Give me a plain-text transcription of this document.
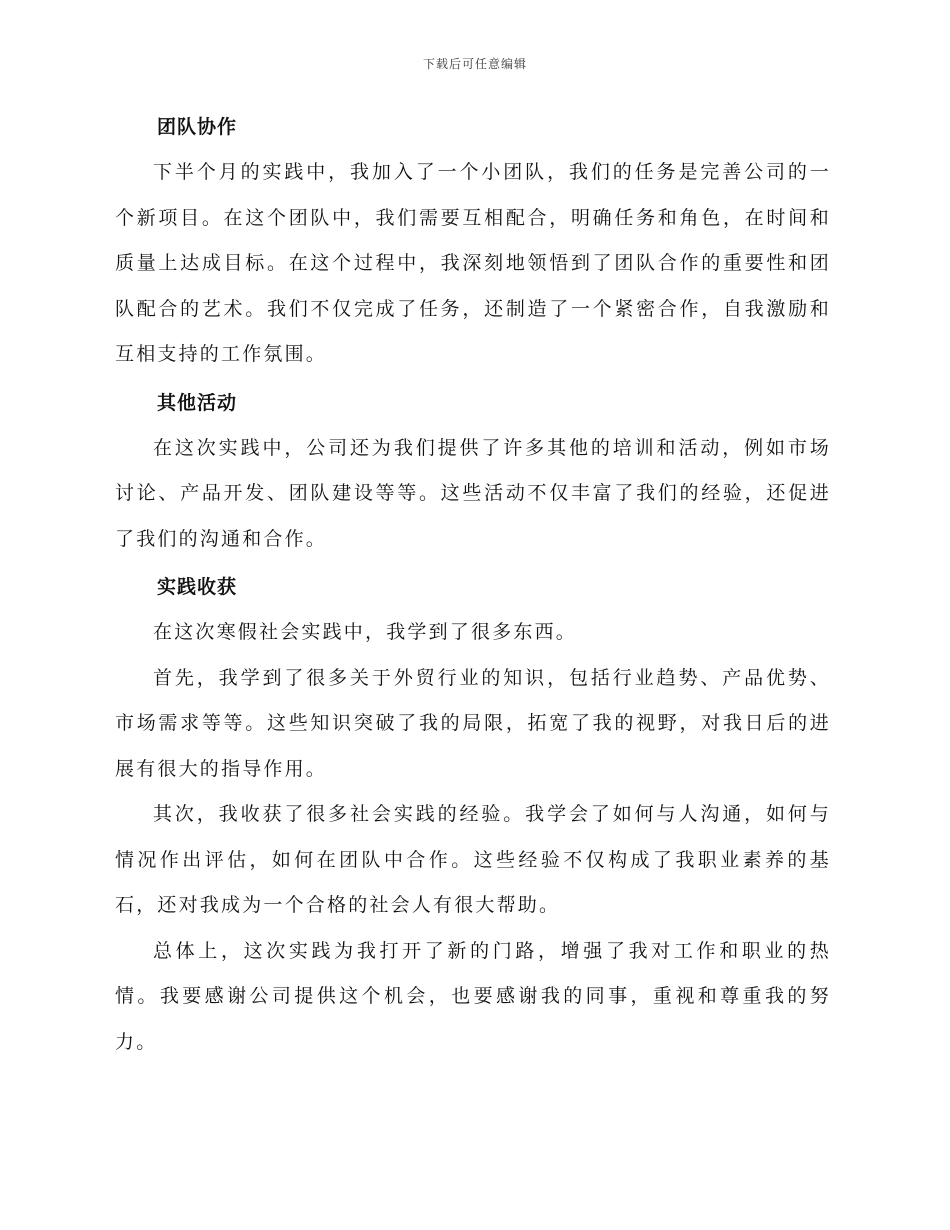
下载后可任意编辑
团队协作

下半个月的实践中，我加入了一个小团队，我们的任务是完善公司的一个新项目。在这个团队中，我们需要互相配合，明确任务和角色，在时间和质量上达成目标。在这个过程中，我深刻地领悟到了团队合作的重要性和团队配合的艺术。我们不仅完成了任务，还制造了一个紧密合作，自我激励和互相支持的工作氛围。

其他活动

在这次实践中，公司还为我们提供了许多其他的培训和活动，例如市场讨论、产品开发、团队建设等等。这些活动不仅丰富了我们的经验，还促进了我们的沟通和合作。

实践收获

在这次寒假社会实践中，我学到了很多东西。

首先，我学到了很多关于外贸行业的知识，包括行业趋势、产品优势、市场需求等等。这些知识突破了我的局限，拓宽了我的视野，对我日后的进展有很大的指导作用。

其次，我收获了很多社会实践的经验。我学会了如何与人沟通，如何与情况作出评估，如何在团队中合作。这些经验不仅构成了我职业素养的基石，还对我成为一个合格的社会人有很大帮助。

总体上，这次实践为我打开了新的门路，增强了我对工作和职业的热情。我要感谢公司提供这个机会，也要感谢我的同事，重视和尊重我的努力。
